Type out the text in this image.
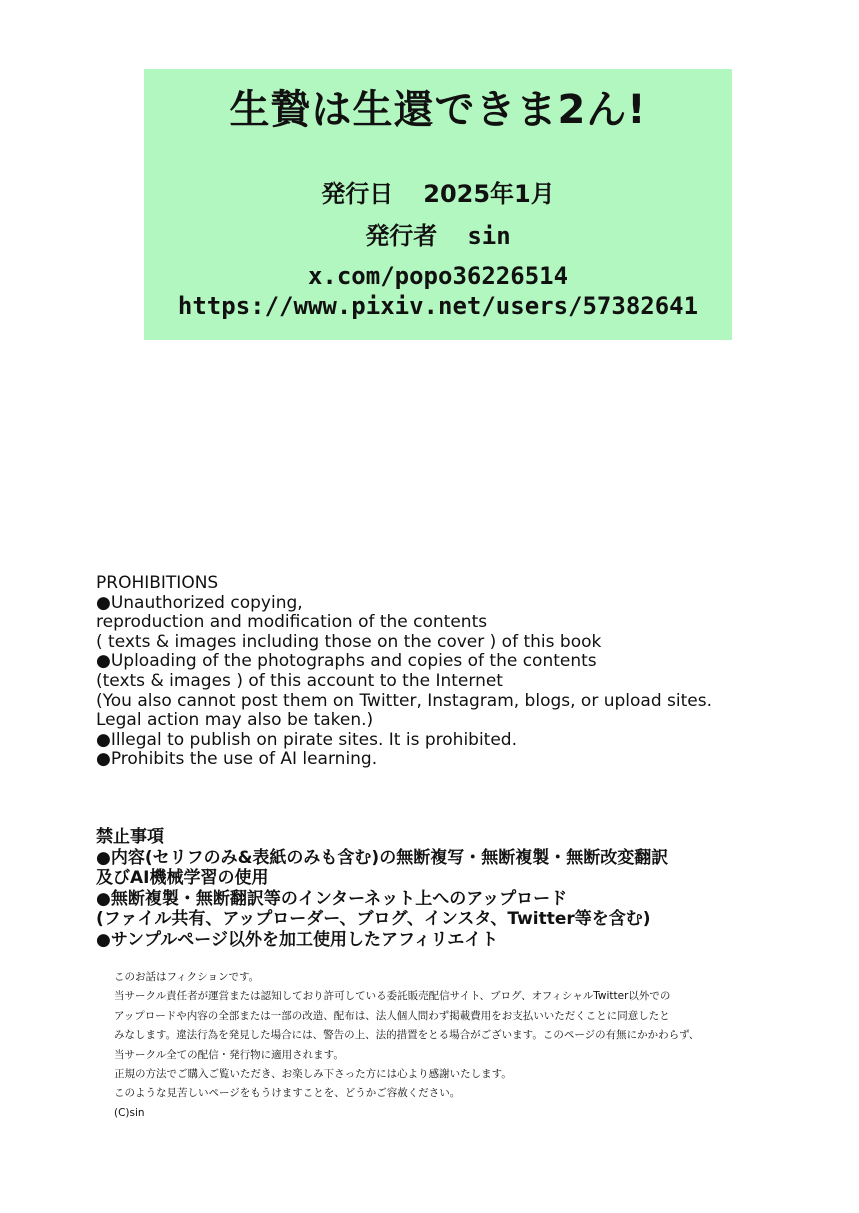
生贄は生還できま2ん!
発行日 2025年1月
発行者 sin
x.com/popo36226514
https://www.pixiv.net/users/57382641
PROHIBITIONS
●Unauthorized copying,
reproduction and modification of the contents
( texts & images including those on the cover ) of this book
●Uploading of the photographs and copies of the contents
(texts & images ) of this account to the Internet
(You also cannot post them on Twitter, Instagram, blogs, or upload sites.
Legal action may also be taken.)
●Illegal to publish on pirate sites. It is prohibited.
●Prohibits the use of AI learning.
禁止事項
●内容(セリフのみ&表紙のみも含む)の無断複写・無断複製・無断改変翻訳
及びAI機械学習の使用
●無断複製・無断翻訳等のインターネット上へのアップロード
(ファイル共有、アップローダー、ブログ、インスタ、Twitter等を含む)
●サンプルページ以外を加工使用したアフィリエイト
このお話はフィクションです。
当サークル責任者が運営または認知しており許可している委託販売配信サイト、ブログ、オフィシャルTwitter以外での
アップロードや内容の全部または一部の改造、配布は、法人個人問わず掲載費用をお支払いいただくことに同意したと
みなします。違法行為を発見した場合には、警告の上、法的措置をとる場合がございます。このページの有無にかかわらず、
当サークル全ての配信・発行物に適用されます。
正規の方法でご購入ご覧いただき、お楽しみ下さった方には心より感謝いたします。
このような見苦しいページをもうけますことを、どうかご容赦ください。
(C)sin
